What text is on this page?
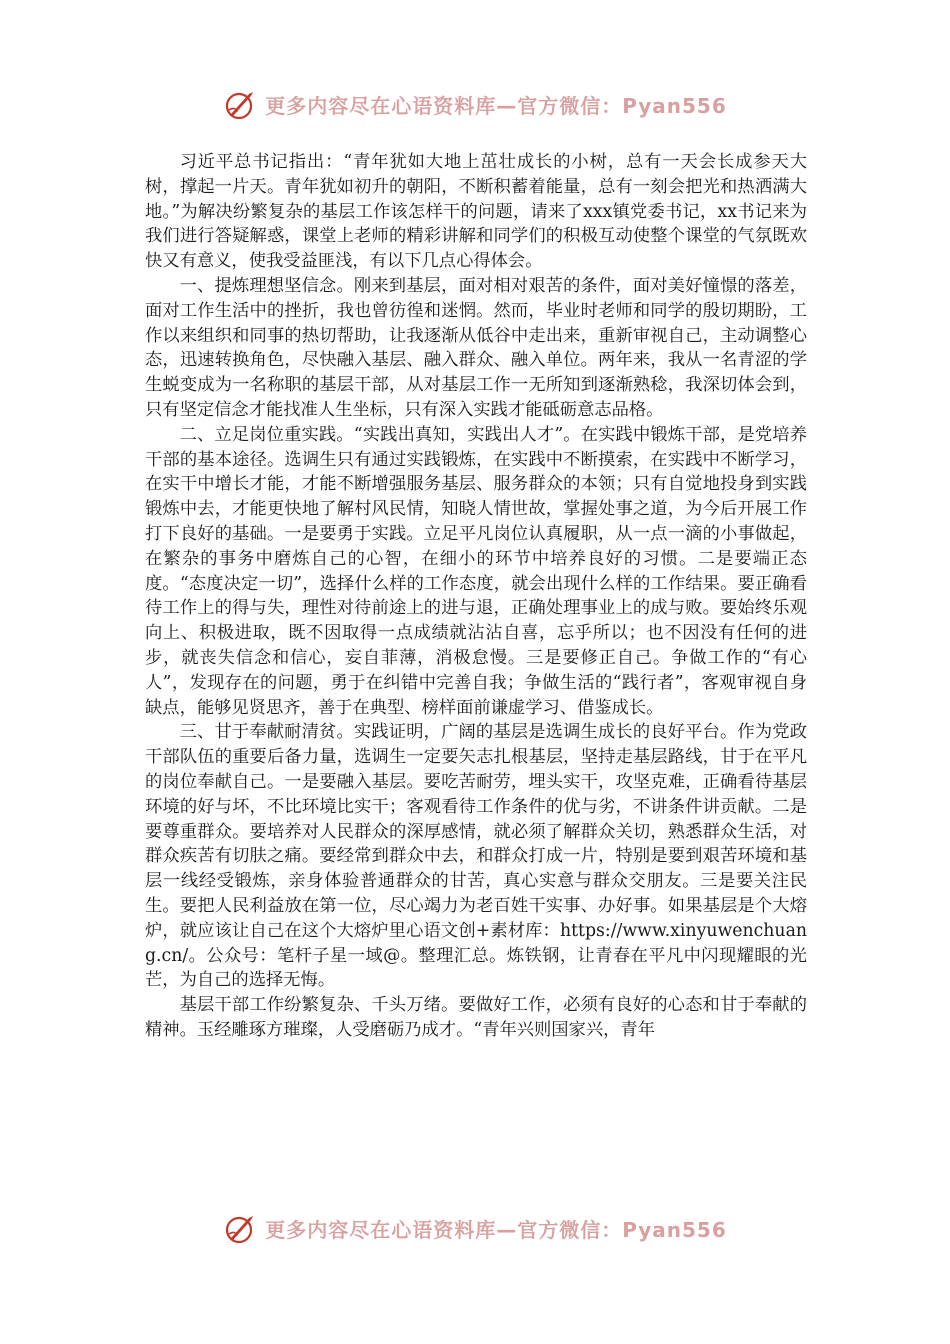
更多内容尽在心语资料库—官方微信：Pyan556

习近平总书记指出：“青年犹如大地上茁壮成长的小树，总有一天会长成参天大树，撑起一片天。青年犹如初升的朝阳，不断积蓄着能量，总有一刻会把光和热洒满大地。”为解决纷繁复杂的基层工作该怎样干的问题，请来了xxx镇党委书记，xx书记来为我们进行答疑解惑，课堂上老师的精彩讲解和同学们的积极互动使整个课堂的气氛既欢快又有意义，使我受益匪浅，有以下几点心得体会。

一、提炼理想坚信念。刚来到基层，面对相对艰苦的条件，面对美好憧憬的落差，面对工作生活中的挫折，我也曾彷徨和迷惘。然而，毕业时老师和同学的殷切期盼，工作以来组织和同事的热切帮助，让我逐渐从低谷中走出来，重新审视自己，主动调整心态，迅速转换角色，尽快融入基层、融入群众、融入单位。两年来，我从一名青涩的学生蜕变成为一名称职的基层干部，从对基层工作一无所知到逐渐熟稔，我深切体会到，只有坚定信念才能找准人生坐标，只有深入实践才能砥砺意志品格。

二、立足岗位重实践。“实践出真知，实践出人才”。在实践中锻炼干部，是党培养干部的基本途径。选调生只有通过实践锻炼，在实践中不断摸索，在实践中不断学习，在实干中增长才能，才能不断增强服务基层、服务群众的本领；只有自觉地投身到实践锻炼中去，才能更快地了解村风民情，知晓人情世故，掌握处事之道，为今后开展工作打下良好的基础。一是要勇于实践。立足平凡岗位认真履职，从一点一滴的小事做起，在繁杂的事务中磨炼自己的心智，在细小的环节中培养良好的习惯。二是要端正态度。“态度决定一切”，选择什么样的工作态度，就会出现什么样的工作结果。要正确看待工作上的得与失，理性对待前途上的进与退，正确处理事业上的成与败。要始终乐观向上、积极进取，既不因取得一点成绩就沾沾自喜，忘乎所以；也不因没有任何的进步，就丧失信念和信心，妄自菲薄，消极怠慢。三是要修正自己。争做工作的“有心人”，发现存在的问题，勇于在纠错中完善自我；争做生活的“践行者”，客观审视自身缺点，能够见贤思齐，善于在典型、榜样面前谦虚学习、借鉴成长。

三、甘于奉献耐清贫。实践证明，广阔的基层是选调生成长的良好平台。作为党政干部队伍的重要后备力量，选调生一定要矢志扎根基层，坚持走基层路线，甘于在平凡的岗位奉献自己。一是要融入基层。要吃苦耐劳，埋头实干，攻坚克难，正确看待基层环境的好与坏，不比环境比实干；客观看待工作条件的优与劣，不讲条件讲贡献。二是要尊重群众。要培养对人民群众的深厚感情，就必须了解群众关切，熟悉群众生活，对群众疾苦有切肤之痛。要经常到群众中去，和群众打成一片，特别是要到艰苦环境和基层一线经受锻炼，亲身体验普通群众的甘苦，真心实意与群众交朋友。三是要关注民生。要把人民利益放在第一位，尽心竭力为老百姓干实事、办好事。如果基层是个大熔炉，就应该让自己在这个大熔炉里心语文创+素材库：https://www.xinyuwenchuang.cn/。公众号：笔杆子星一域@。整理汇总。炼铁钢，让青春在平凡中闪现耀眼的光芒，为自己的选择无悔。

基层干部工作纷繁复杂、千头万绪。要做好工作，必须有良好的心态和甘于奉献的精神。玉经雕琢方璀璨，人受磨砺乃成才。“青年兴则国家兴，青年

更多内容尽在心语资料库—官方微信：Pyan556
